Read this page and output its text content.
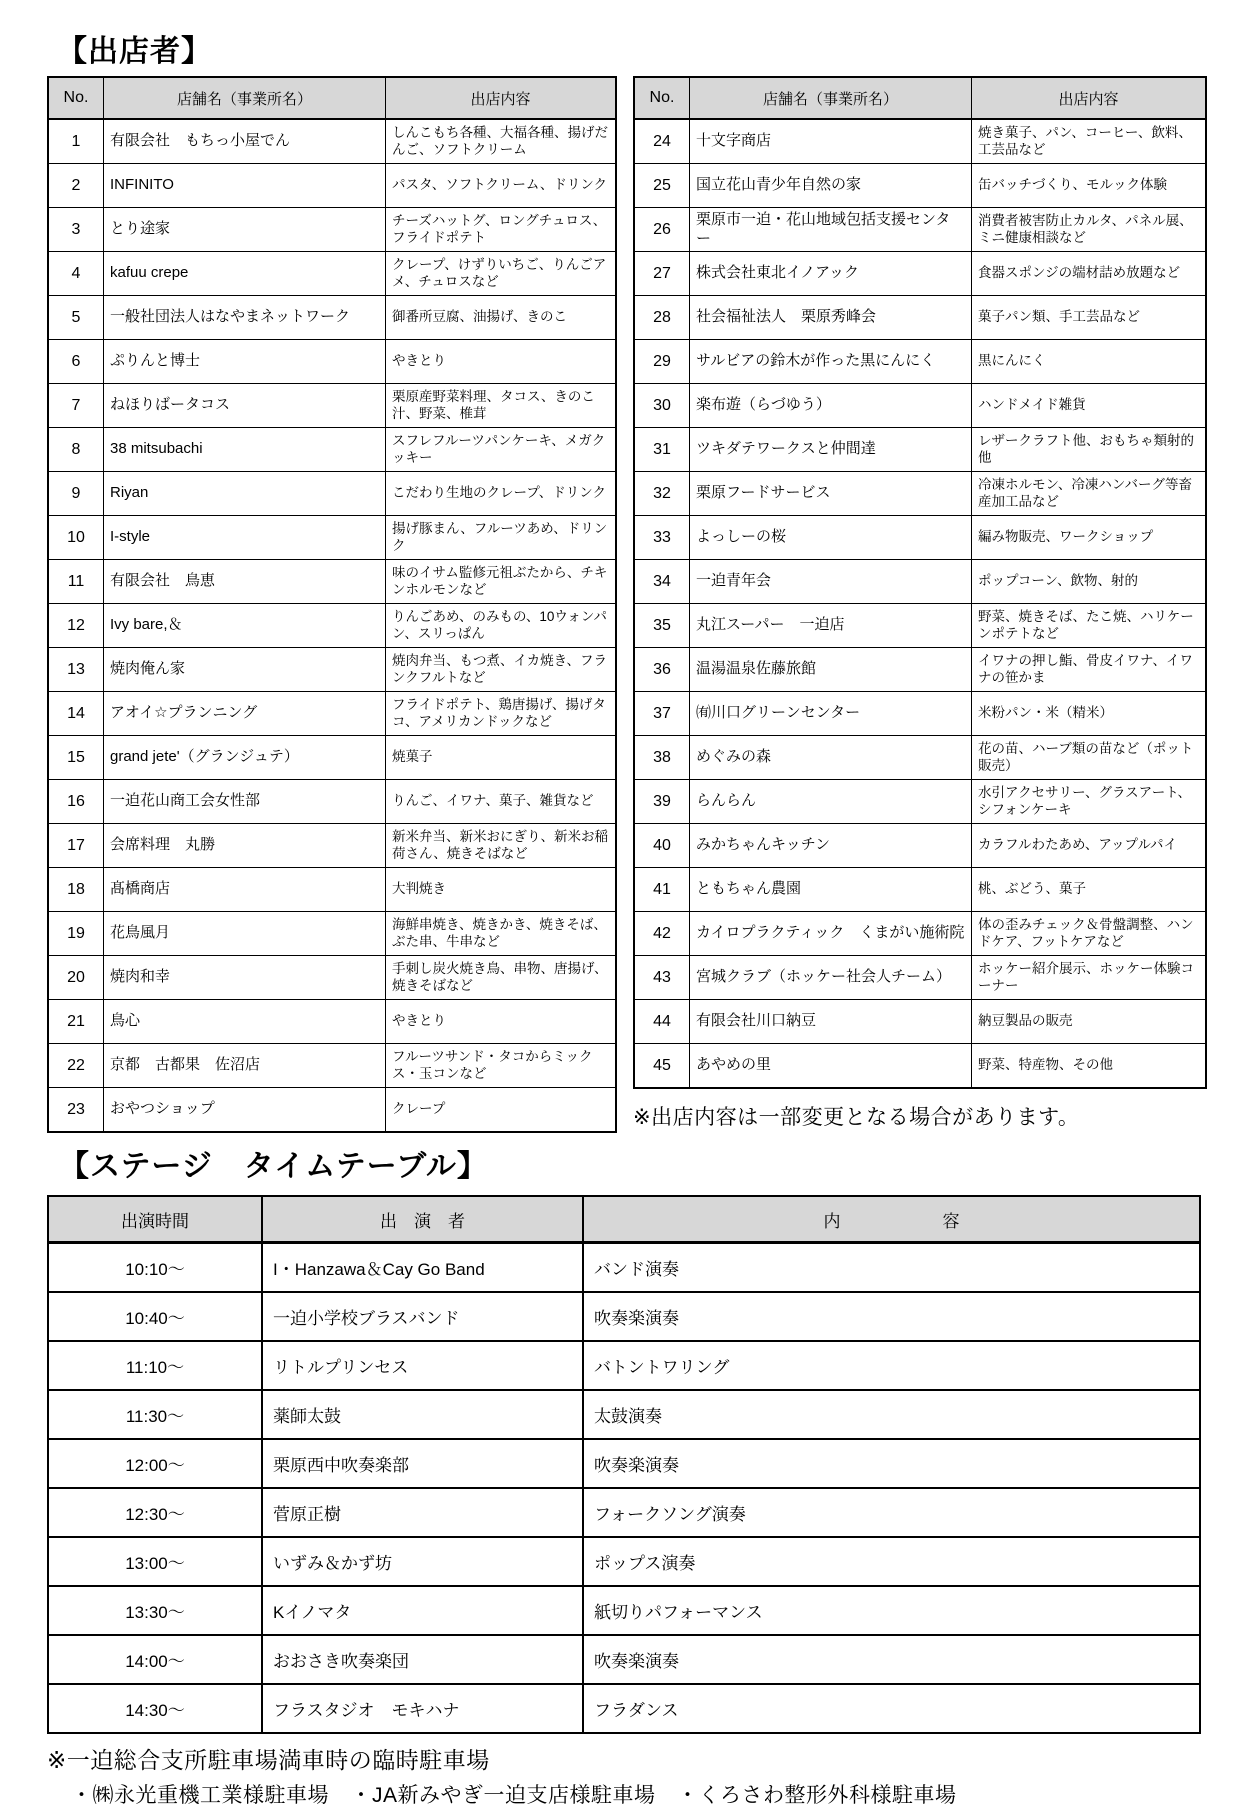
【出店者】
No.	店舗名（事業所名）	出店内容
1	有限会社　もちっ小屋でん	しんこもち各種、大福各種、揚げだんご、ソフトクリーム
2	INFINITO	パスタ、ソフトクリーム、ドリンク
3	とり途家	チーズハットグ、ロングチュロス、フライドポテト
4	kafuu crepe	クレープ、けずりいちご、りんごアメ、チュロスなど
5	一般社団法人はなやまネットワーク	御番所豆腐、油揚げ、きのこ
6	ぷりんと博士	やきとり
7	ねほりばータコス	栗原産野菜料理、タコス、きのこ汁、野菜、椎茸
8	38 mitsubachi	スフレフルーツパンケーキ、メガクッキー
9	Riyan	こだわり生地のクレープ、ドリンク
10	I-style	揚げ豚まん、フルーツあめ、ドリンク
11	有限会社　鳥恵	味のイサム監修元祖ぶたから、チキンホルモンなど
12	Ivy bare,＆	りんごあめ、のみもの、10ウォンパン、スリっぱん
13	焼肉俺ん家	焼肉弁当、もつ煮、イカ焼き、フランクフルトなど
14	アオイ☆プランニング	フライドポテト、鶏唐揚げ、揚げタコ、アメリカンドックなど
15	grand jete'（グランジュテ）	焼菓子
16	一迫花山商工会女性部	りんご、イワナ、菓子、雑貨など
17	会席料理　丸勝	新米弁当、新米おにぎり、新米お稲荷さん、焼きそばなど
18	髙橋商店	大判焼き
19	花鳥風月	海鮮串焼き、焼きかき、焼きそば、ぶた串、牛串など
20	焼肉和幸	手刺し炭火焼き鳥、串物、唐揚げ、焼きそばなど
21	鳥心	やきとり
22	京都　古都果　佐沼店	フルーツサンド・タコからミックス・玉コンなど
23	おやつショップ	クレープ
No.	店舗名（事業所名）	出店内容
24	十文字商店	焼き菓子、パン、コーヒー、飲料、工芸品など
25	国立花山青少年自然の家	缶バッチづくり、モルック体験
26	栗原市一迫・花山地域包括支援センター	消費者被害防止カルタ、パネル展、ミニ健康相談など
27	株式会社東北イノアック	食器スポンジの端材詰め放題など
28	社会福祉法人　栗原秀峰会	菓子パン類、手工芸品など
29	サルビアの鈴木が作った黒にんにく	黒にんにく
30	楽布遊（らづゆう）	ハンドメイド雑貨
31	ツキダテワークスと仲間達	レザークラフト他、おもちゃ類射的他
32	栗原フードサービス	冷凍ホルモン、冷凍ハンバーグ等畜産加工品など
33	よっしーの桜	編み物販売、ワークショップ
34	一迫青年会	ポップコーン、飲物、射的
35	丸江スーパー　一迫店	野菜、焼きそば、たこ焼、ハリケーンポテトなど
36	温湯温泉佐藤旅館	イワナの押し鮨、骨皮イワナ、イワナの笹かま
37	㈲川口グリーンセンター	米粉パン・米（精米）
38	めぐみの森	花の苗、ハーブ類の苗など（ポット販売）
39	らんらん	水引アクセサリー、グラスアート、シフォンケーキ
40	みかちゃんキッチン	カラフルわたあめ、アップルパイ
41	ともちゃん農園	桃、ぶどう、菓子
42	カイロプラクティック　くまがい施術院	体の歪みチェック＆骨盤調整、ハンドケア、フットケアなど
43	宮城クラブ（ホッケー社会人チーム）	ホッケー紹介展示、ホッケー体験コーナー
44	有限会社川口納豆	納豆製品の販売
45	あやめの里	野菜、特産物、その他

※出店内容は一部変更となる場合があります。

【ステージ　タイムテーブル】
出演時間	出　演　者	内　　　　　　容
10:10～	I・Hanzawa＆Cay Go Band	バンド演奏
10:40～	一迫小学校ブラスバンド	吹奏楽演奏
11:10～	リトルプリンセス	バトントワリング
11:30～	薬師太鼓	太鼓演奏
12:00～	栗原西中吹奏楽部	吹奏楽演奏
12:30～	菅原正樹	フォークソング演奏
13:00～	いずみ＆かず坊	ポップス演奏
13:30～	Kイノマタ	紙切りパフォーマンス
14:00～	おおさき吹奏楽団	吹奏楽演奏
14:30～	フラスタジオ　モキハナ	フラダンス

※一迫総合支所駐車場満車時の臨時駐車場

・㈱永光重機工業様駐車場　・JA新みやぎ一迫支店様駐車場　・くろさわ整形外科様駐車場
